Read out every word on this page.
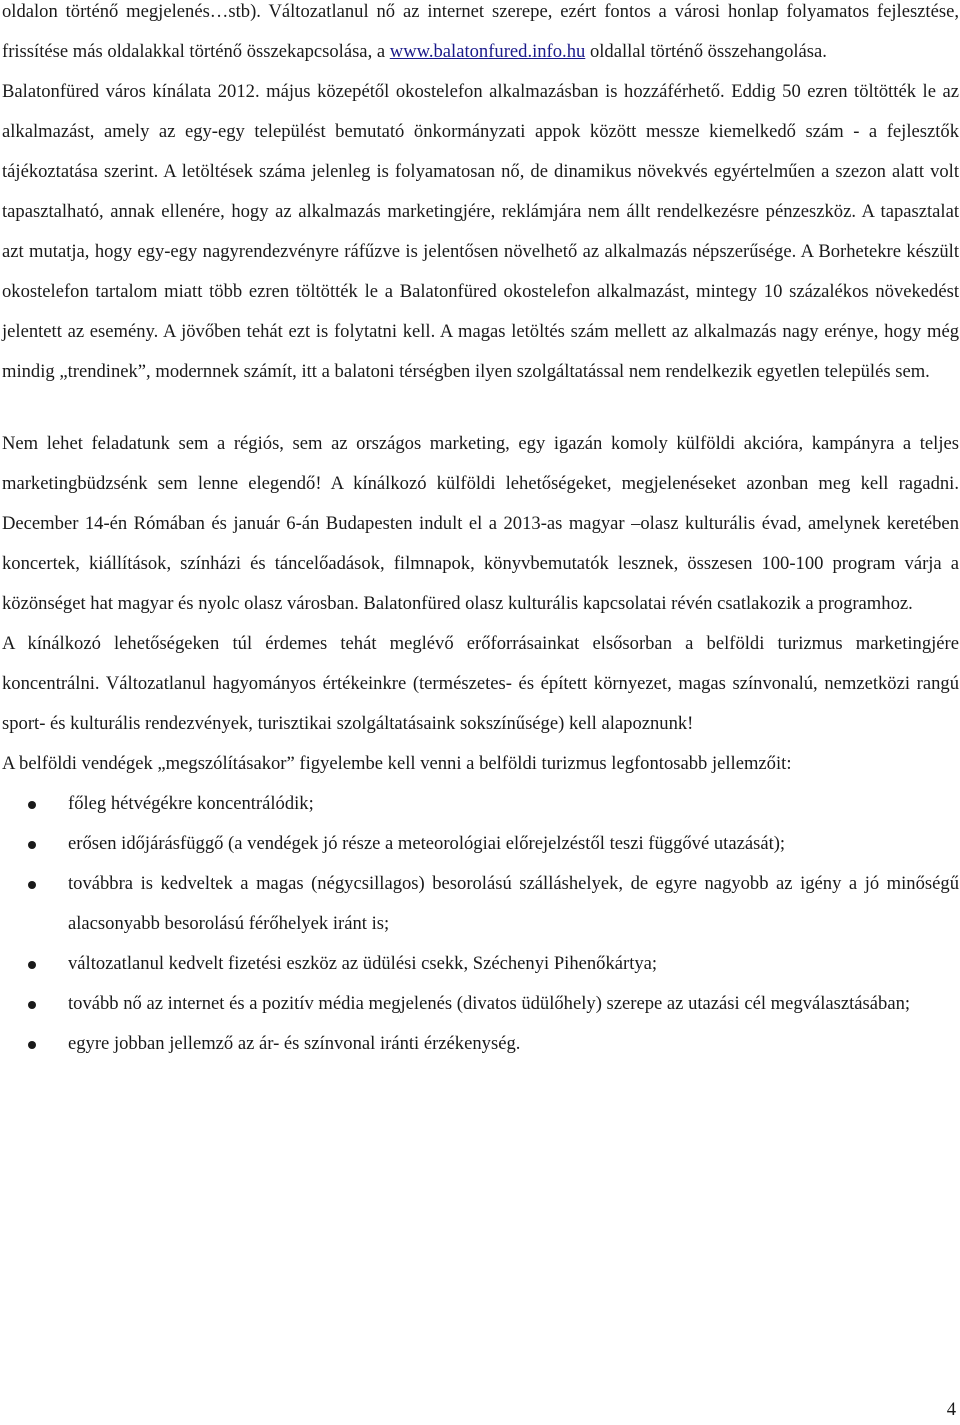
oldalon történő megjelenés…stb). Változatlanul nő az internet szerepe, ezért fontos a városi honlap folyamatos fejlesztése, frissítése más oldalakkal történő összekapcsolása, a www.balatonfured.info.hu oldallal történő összehangolása.

Balatonfüred város kínálata 2012. május közepétől okostelefon alkalmazásban is hozzáférhető. Eddig 50 ezren töltötték le az alkalmazást, amely az egy-egy települést bemutató önkormányzati appok között messze kiemelkedő szám - a fejlesztők tájékoztatása szerint. A letöltések száma jelenleg is folyamatosan nő, de dinamikus növekvés egyértelműen a szezon alatt volt tapasztalható, annak ellenére, hogy az alkalmazás marketingjére, reklámjára nem állt rendelkezésre pénzeszköz. A tapasztalat azt mutatja, hogy egy-egy nagyrendezvényre ráfűzve is jelentősen növelhető az alkalmazás népszerűsége. A Borhetekre készült okostelefon tartalom miatt több ezren töltötték le a Balatonfüred okostelefon alkalmazást, mintegy 10 százalékos növekedést jelentett az esemény. A jövőben tehát ezt is folytatni kell. A magas letöltés szám mellett az alkalmazás nagy erénye, hogy még mindig „trendinek”, modernnek számít, itt a balatoni térségben ilyen szolgáltatással nem rendelkezik egyetlen település sem.

Nem lehet feladatunk sem a régiós, sem az országos marketing, egy igazán komoly külföldi akcióra, kampányra a teljes marketingbüdzsénk sem lenne elegendő! A kínálkozó külföldi lehetőségeket, megjelenéseket azonban meg kell ragadni. December 14-én Rómában és január 6-án Budapesten indult el a 2013-as magyar –olasz kulturális évad, amelynek keretében koncertek, kiállítások, színházi és táncelőadások, filmnapok, könyvbemutatók lesznek, összesen 100-100 program várja a közönséget hat magyar és nyolc olasz városban. Balatonfüred olasz kulturális kapcsolatai révén csatlakozik a programhoz.

A kínálkozó lehetőségeken túl érdemes tehát meglévő erőforrásainkat elsősorban a belföldi turizmus marketingjére koncentrálni. Változatlanul hagyományos értékeinkre (természetes- és épített környezet, magas színvonalú, nemzetközi rangú sport- és kulturális rendezvények, turisztikai szolgáltatásaink sokszínűsége) kell alapoznunk!

A belföldi vendégek „megszólításakor” figyelembe kell venni a belföldi turizmus legfontosabb jellemzőit:

főleg hétvégékre koncentrálódik;
erősen időjárásfüggő (a vendégek jó része a meteorológiai előrejelzéstől teszi függővé utazását);
továbbra is kedveltek a magas (négycsillagos) besorolású szálláshelyek, de egyre nagyobb az igény a jó minőségű alacsonyabb besorolású férőhelyek iránt is;
változatlanul kedvelt fizetési eszköz az üdülési csekk, Széchenyi Pihenőkártya;
tovább nő az internet és a pozitív média megjelenés (divatos üdülőhely) szerepe az utazási cél megválasztásában;
egyre jobban jellemző az ár- és színvonal iránti érzékenység.
4
